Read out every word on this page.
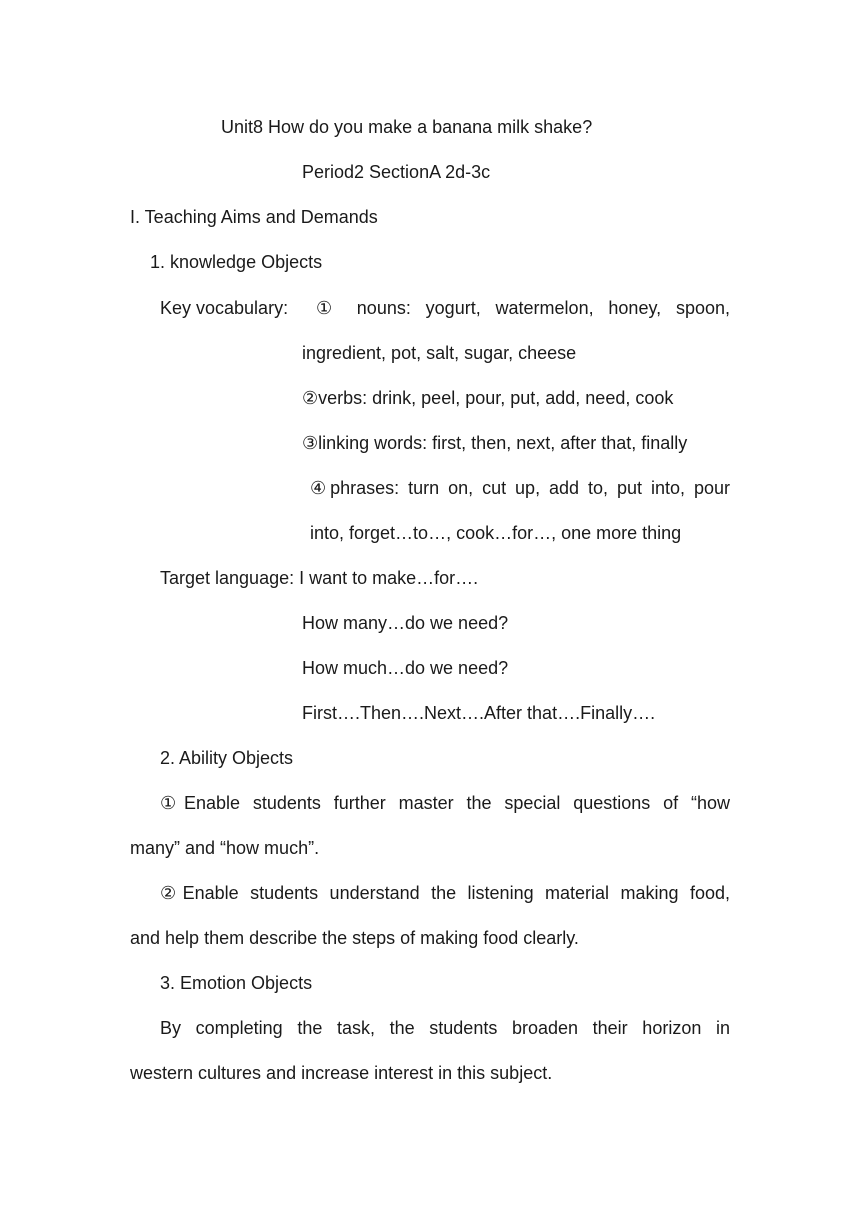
Unit8 How do you make a banana milk shake?
Period2 SectionA 2d-3c
I. Teaching Aims and Demands
1. knowledge Objects
Key vocabulary: ① nouns: yogurt, watermelon, honey, spoon,
ingredient, pot, salt, sugar, cheese
②verbs: drink, peel, pour, put, add, need, cook
③linking words: first, then, next, after that, finally
④phrases: turn on, cut up, add to, put into, pour
into, forget…to…, cook…for…, one more thing
Target language: I want to make…for….
How many…do we need?
How much…do we need?
First….Then….Next….After that….Finally….
2. Ability Objects
①Enable students further master the special questions of “how
many” and “how much”.
②Enable students understand the listening material making food,
and help them describe the steps of making food clearly.
3. Emotion Objects
By completing the task, the students broaden their horizon in
western cultures and increase interest in this subject.
